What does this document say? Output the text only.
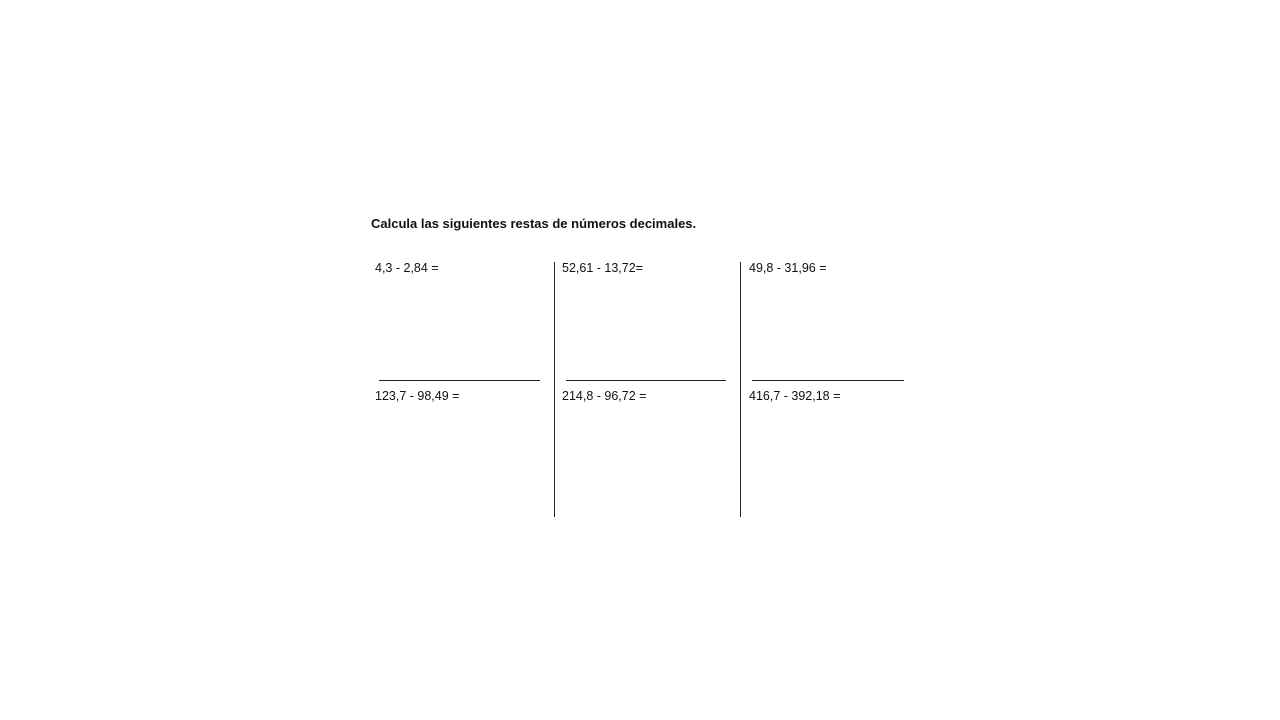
Calcula las siguientes restas de números decimales.
4,3 - 2,84 =	52,61 - 13,72=	49,8 - 31,96 =
123,7 - 98,49 =	214,8 - 96,72 =	416,7 - 392,18 =
